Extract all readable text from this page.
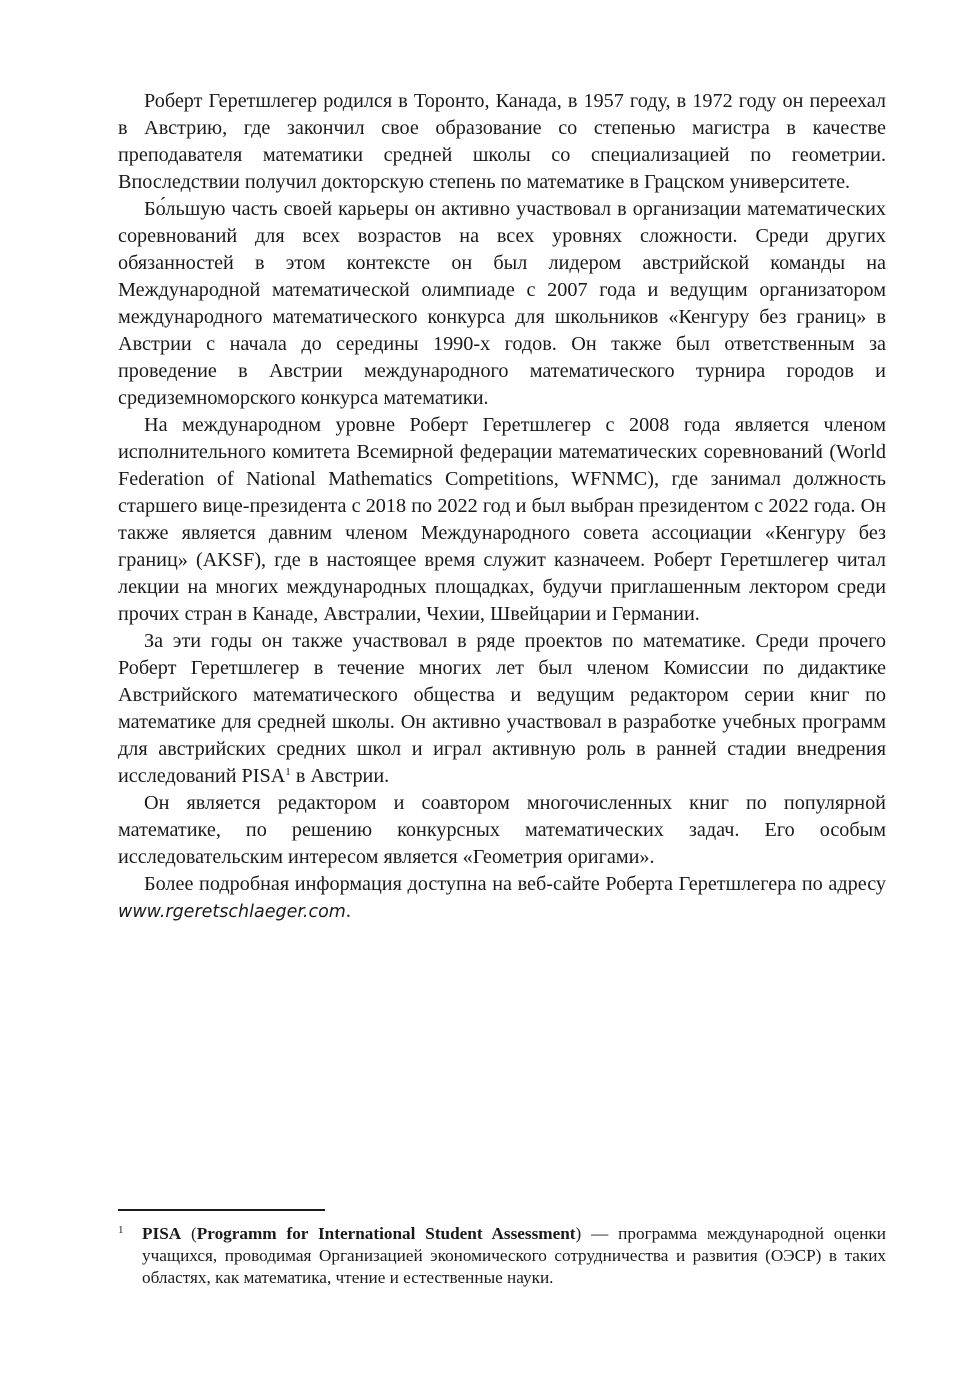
Роберт Геретшлегер родился в Торонто, Канада, в 1957 году, в 1972 году он переехал в Австрию, где закончил свое образование со степенью магистра в качестве преподавателя математики средней школы со специализацией по геометрии. Впоследствии получил докторскую степень по математике в Грацском университете.

Бо́льшую часть своей карьеры он активно участвовал в организации математических соревнований для всех возрастов на всех уровнях сложности. Среди других обязанностей в этом контексте он был лидером австрийской команды на Международной математической олимпиаде с 2007 года и ведущим организатором международного математического конкурса для школьников «Кенгуру без границ» в Австрии с начала до середины 1990-х годов. Он также был ответственным за проведение в Австрии международного математического турнира городов и средиземноморского конкурса математики.

На международном уровне Роберт Геретшлегер с 2008 года является членом исполнительного комитета Всемирной федерации математических соревнований (World Federation of National Mathematics Competitions, WFNMC), где занимал должность старшего вице-президента с 2018 по 2022 год и был выбран президентом с 2022 года. Он также является давним членом Международного совета ассоциации «Кенгуру без границ» (AKSF), где в настоящее время служит казначеем. Роберт Геретшлегер читал лекции на многих международных площадках, будучи приглашенным лектором среди прочих стран в Канаде, Австралии, Чехии, Швейцарии и Германии.

За эти годы он также участвовал в ряде проектов по математике. Среди прочего Роберт Геретшлегер в течение многих лет был членом Комиссии по дидактике Австрийского математического общества и ведущим редактором серии книг по математике для средней школы. Он активно участвовал в разработке учебных программ для австрийских средних школ и играл активную роль в ранней стадии внедрения исследований PISA$^1$ в Австрии.

Он является редактором и соавтором многочисленных книг по популярной математике, по решению конкурсных математических задач. Его особым исследовательским интересом является «Геометрия оригами».

Более подробная информация доступна на веб-сайте Роберта Геретшлегера по адресу www.rgeretschlaeger.com.

1 PISA (Programm for International Student Assessment) — программа международной оценки учащихся, проводимая Организацией экономического сотрудничества и развития (ОЭСР) в таких областях, как математика, чтение и естественные науки.
